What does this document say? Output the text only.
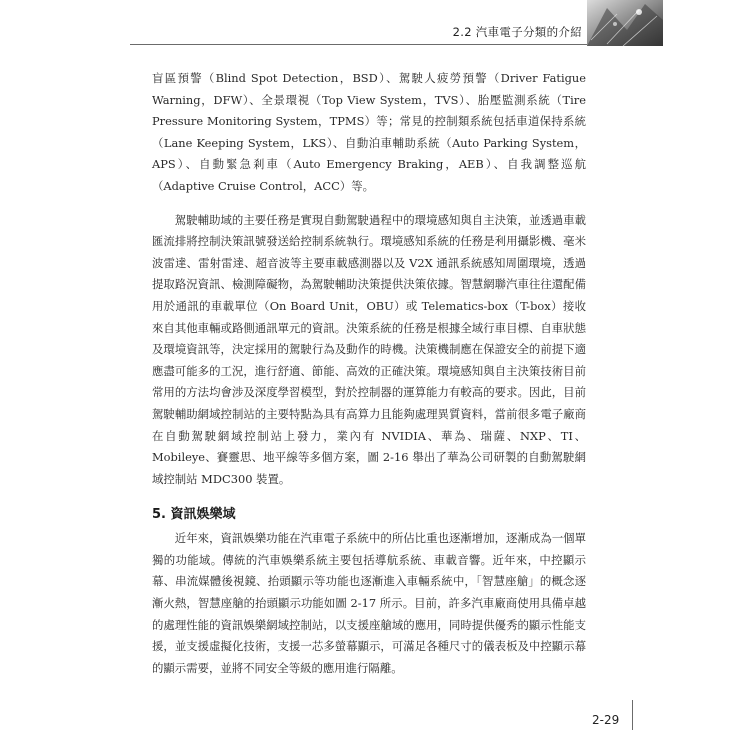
2.2 汽車電子分類的介紹

盲區預警（Blind Spot Detection，BSD）、駕駛人疲勞預警（Driver Fatigue Warning，DFW）、全景環視（Top View System，TVS）、胎壓監測系統（Tire Pressure Monitoring System，TPMS）等；常見的控制類系統包括車道保持系統（Lane Keeping System，LKS）、自動泊車輔助系統（Auto Parking System，APS）、自動緊急剎車（Auto Emergency Braking，AEB）、自我調整巡航（Adaptive Cruise Control，ACC）等。

駕駛輔助域的主要任務是實現自動駕駛過程中的環境感知與自主決策，並透過車載匯流排將控制決策訊號發送給控制系統執行。環境感知系統的任務是利用攝影機、毫米波雷達、雷射雷達、超音波等主要車載感測器以及 V2X 通訊系統感知周圍環境，透過提取路況資訊、檢測障礙物，為駕駛輔助決策提供決策依據。智慧網聯汽車往往還配備用於通訊的車載單位（On Board Unit，OBU）或 Telematics-box（T-box）接收來自其他車輛或路側通訊單元的資訊。決策系統的任務是根據全域行車目標、自車狀態及環境資訊等，決定採用的駕駛行為及動作的時機。決策機制應在保證安全的前提下適應盡可能多的工況，進行舒適、節能、高效的正確決策。環境感知與自主決策技術目前常用的方法均會涉及深度學習模型，對於控制器的運算能力有較高的要求。因此，目前駕駛輔助網域控制站的主要特點為具有高算力且能夠處理異質資料，當前很多電子廠商在自動駕駛網域控制站上發力，業內有 NVIDIA、華為、瑞薩、NXP、TI、Mobileye、賽靈思、地平線等多個方案，圖 2-16 舉出了華為公司研製的自動駕駛網域控制站 MDC300 裝置。

5. 資訊娛樂域

近年來，資訊娛樂功能在汽車電子系統中的所佔比重也逐漸增加，逐漸成為一個單獨的功能域。傳統的汽車娛樂系統主要包括導航系統、車載音響。近年來，中控顯示幕、串流媒體後視鏡、抬頭顯示等功能也逐漸進入車輛系統中，「智慧座艙」的概念逐漸火熱，智慧座艙的抬頭顯示功能如圖 2-17 所示。目前，許多汽車廠商使用具備卓越的處理性能的資訊娛樂網域控制站，以支援座艙域的應用，同時提供優秀的顯示性能支援，並支援虛擬化技術，支援一芯多螢幕顯示，可滿足各種尺寸的儀表板及中控顯示幕的顯示需要，並將不同安全等級的應用進行隔離。

2-29
